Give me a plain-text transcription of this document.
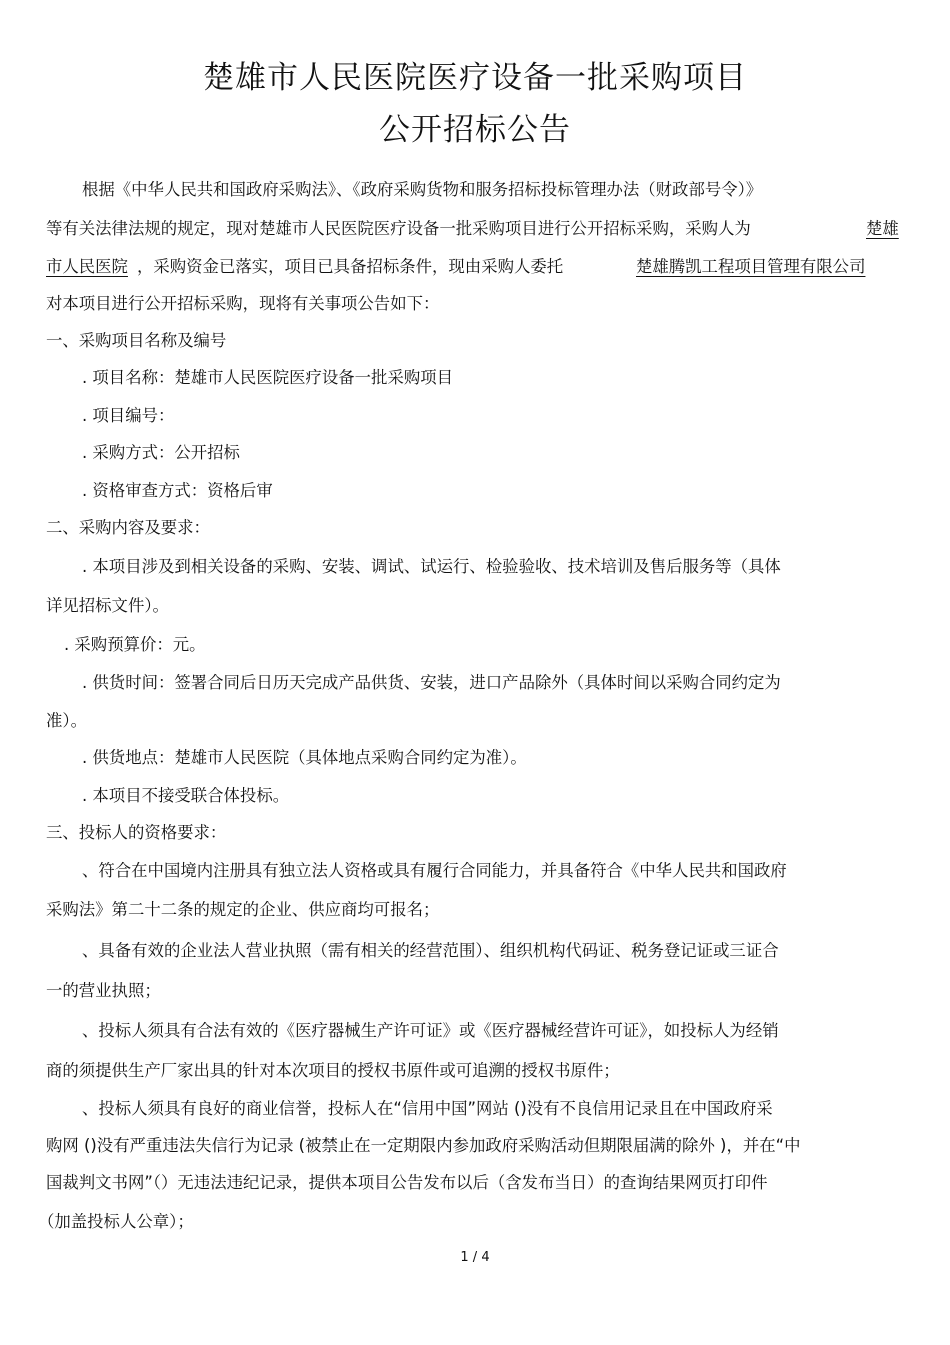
楚雄市人民医院医疗设备一批采购项目
公开招标公告
根据《中华人民共和国政府采购法》、《政府采购货物和服务招标投标管理办法（财政部号令）》
等有关法律法规的规定，现对楚雄市人民医院医疗设备一批采购项目进行公开招标采购，采购人为	楚雄
市人民医院 ，采购资金已落实，项目已具备招标条件，现由采购人委托	楚雄腾凯工程项目管理有限公司
对本项目进行公开招标采购，现将有关事项公告如下：
一、采购项目名称及编号
. 项目名称：楚雄市人民医院医疗设备一批采购项目
. 项目编号：
. 采购方式：公开招标
. 资格审查方式：资格后审
二、采购内容及要求：
. 本项目涉及到相关设备的采购、安装、调试、试运行、检验验收、技术培训及售后服务等（具体
详见招标文件）。
. 采购预算价：元。
. 供货时间：签署合同后日历天完成产品供货、安装，进口产品除外（具体时间以采购合同约定为
准）。
. 供货地点：楚雄市人民医院（具体地点采购合同约定为准）。
. 本项目不接受联合体投标。
三、投标人的资格要求：
、符合在中国境内注册具有独立法人资格或具有履行合同能力，并具备符合《中华人民共和国政府
采购法》第二十二条的规定的企业、供应商均可报名；
、具备有效的企业法人营业执照（需有相关的经营范围）、组织机构代码证、税务登记证或三证合
一的营业执照；
、投标人须具有合法有效的《医疗器械生产许可证》或《医疗器械经营许可证》，如投标人为经销
商的须提供生产厂家出具的针对本次项目的授权书原件或可追溯的授权书原件；
、投标人须具有良好的商业信誉，投标人在“信用中国”网站 ()没有不良信用记录且在中国政府采
购网 ()没有严重违法失信行为记录 (被禁止在一定期限内参加政府采购活动但期限届满的除外 )，并在“中
国裁判文书网”（）无违法违纪记录，提供本项目公告发布以后（含发布当日）的查询结果网页打印件
（加盖投标人公章）；
1 / 4
